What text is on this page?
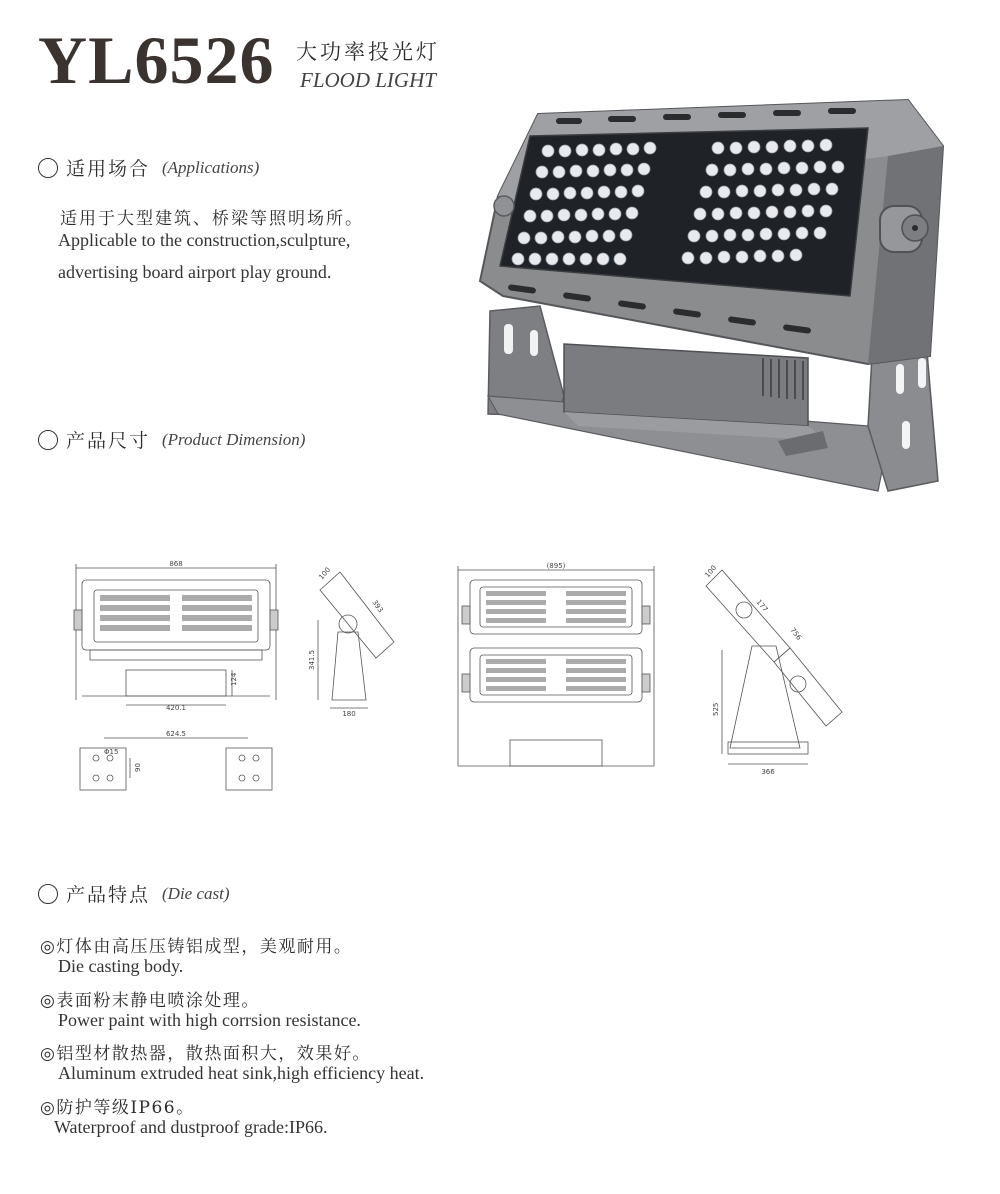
YL6526 大功率投光灯
FLOOD LIGHT
适用场合 (Applications)
适用于大型建筑、桥梁等照明场所。
Applicable to the construction,sculpture,
advertising board airport play ground.
产品尺寸 (Product Dimension)
868
420.1
124
100
393
341.5
180
624.5
Φ15
90
(895)	100
177
756
525
366
产品特点 (Die cast)
◎灯体由高压压铸铝成型，美观耐用。
Die casting body.
◎表面粉末静电喷涂处理。
Power paint with high corrsion resistance.
◎铝型材散热器，散热面积大，效果好。
Aluminum extruded heat sink,high efficiency heat.
◎防护等级IP66。
Waterproof and dustproof grade:IP66.
